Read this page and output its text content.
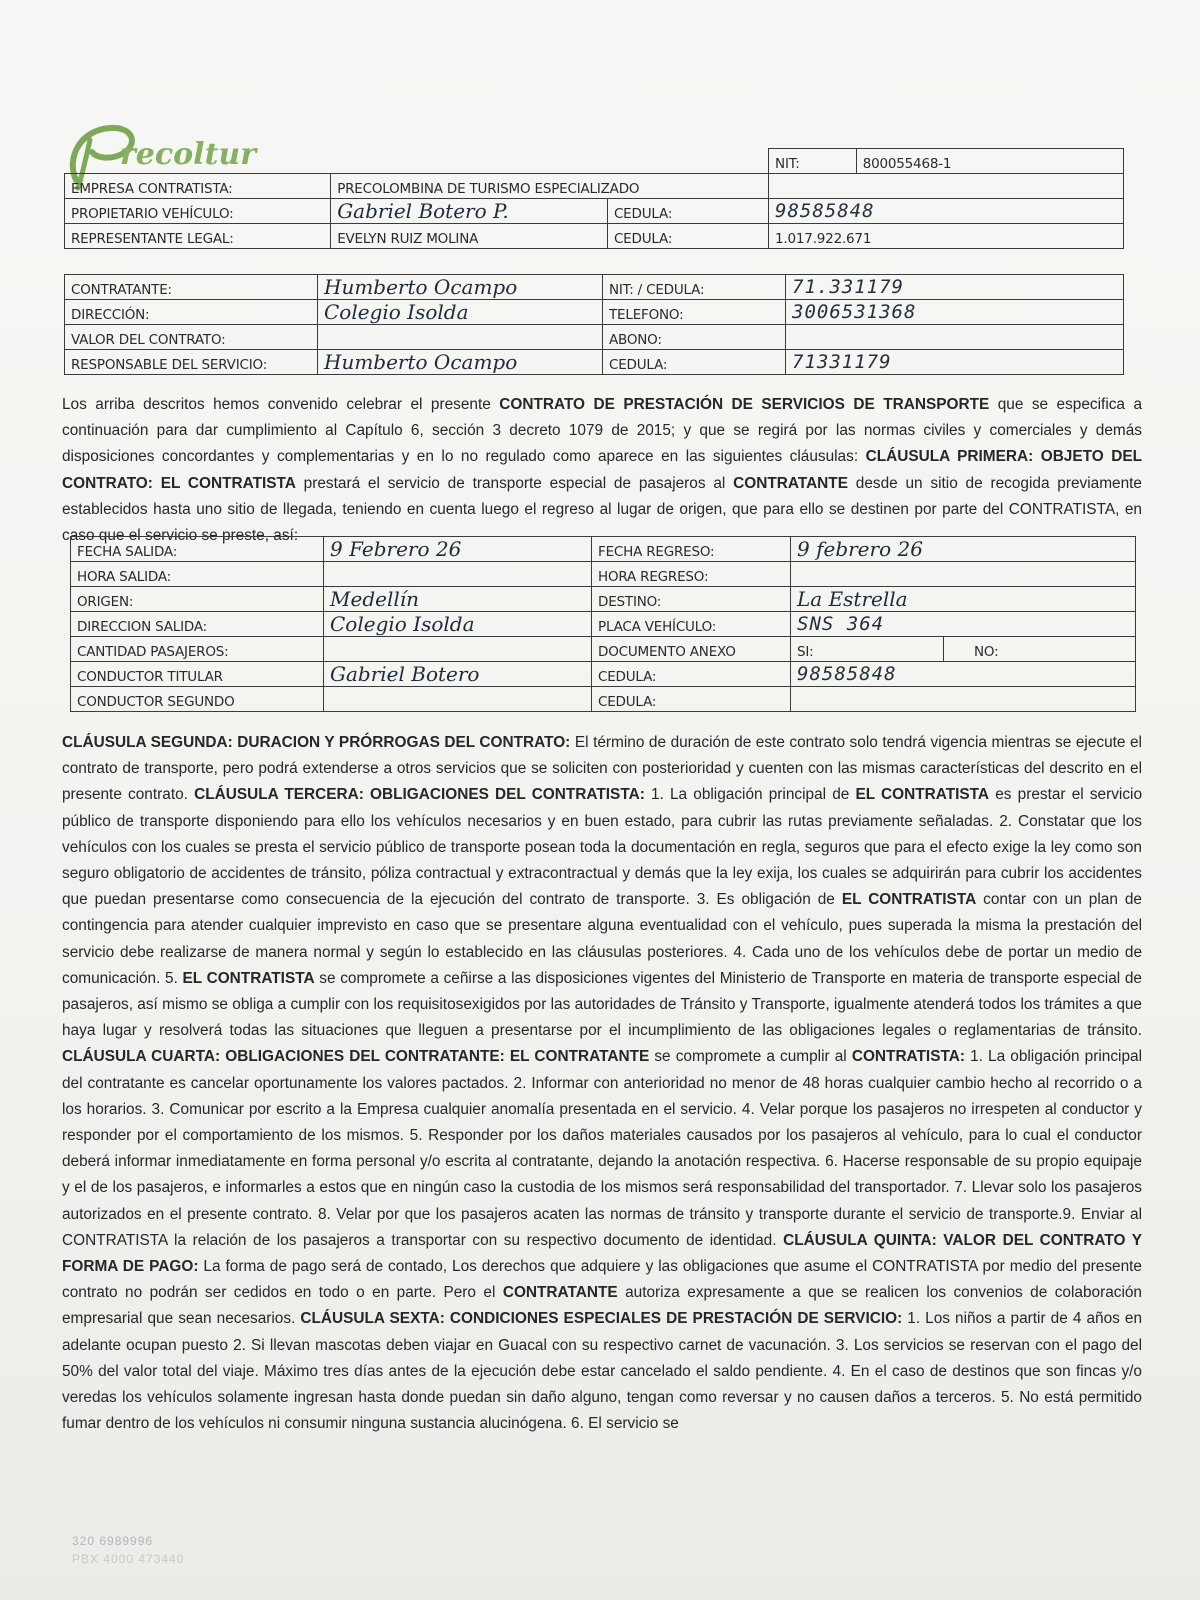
recoltur
				NIT:	800055468-1
EMPRESA CONTRATISTA:	PRECOLOMBINA DE TURISMO ESPECIALIZADO			
PROPIETARIO VEHÍCULO:	Gabriel Botero P.	CEDULA:	98585848	
REPRESENTANTE LEGAL:	EVELYN RUIZ MOLINA	CEDULA:	1.017.922.671	
CONTRATANTE:	Humberto Ocampo	NIT: / CEDULA:	71.331179
DIRECCIÓN:	Colegio Isolda	TELEFONO:	3006531368
VALOR DEL CONTRATO:		ABONO:	
RESPONSABLE DEL SERVICIO:	Humberto Ocampo	CEDULA:	71331179
Los arriba descritos hemos convenido celebrar el presente CONTRATO DE PRESTACIÓN DE SERVICIOS DE TRANSPORTE que se especifica a continuación para dar cumplimiento al Capítulo 6, sección 3 decreto 1079 de 2015; y que se regirá por las normas civiles y comerciales y demás disposiciones concordantes y complementarias y en lo no regulado como aparece en las siguientes cláusulas: CLÁUSULA PRIMERA: OBJETO DEL CONTRATO: EL CONTRATISTA prestará el servicio de transporte especial de pasajeros al CONTRATANTE desde un sitio de recogida previamente establecidos hasta uno sitio de llegada, teniendo en cuenta luego el regreso al lugar de origen, que para ello se destinen por parte del CONTRATISTA, en caso que el servicio se preste, así:
FECHA SALIDA:	9 Febrero 26	FECHA REGRESO:	9 febrero 26	
HORA SALIDA:		HORA REGRESO:		
ORIGEN:	Medellín	DESTINO:	La Estrella	
DIRECCION SALIDA:	Colegio Isolda	PLACA VEHÍCULO:	SNS 364	
CANTIDAD PASAJEROS:		DOCUMENTO ANEXO	SI:	NO:
CONDUCTOR TITULAR	Gabriel Botero	CEDULA:	98585848	
CONDUCTOR SEGUNDO		CEDULA:		
CLÁUSULA SEGUNDA: DURACION Y PRÓRROGAS DEL CONTRATO: El término de duración de este contrato solo tendrá vigencia mientras se ejecute el contrato de transporte, pero podrá extenderse a otros servicios que se soliciten con posterioridad y cuenten con las mismas características del descrito en el presente contrato. CLÁUSULA TERCERA: OBLIGACIONES DEL CONTRATISTA: 1. La obligación principal de EL CONTRATISTA es prestar el servicio público de transporte disponiendo para ello los vehículos necesarios y en buen estado, para cubrir las rutas previamente señaladas. 2. Constatar que los vehículos con los cuales se presta el servicio público de transporte posean toda la documentación en regla, seguros que para el efecto exige la ley como son seguro obligatorio de accidentes de tránsito, póliza contractual y extracontractual y demás que la ley exija, los cuales se adquirirán para cubrir los accidentes que puedan presentarse como consecuencia de la ejecución del contrato de transporte. 3. Es obligación de EL CONTRATISTA contar con un plan de contingencia para atender cualquier imprevisto en caso que se presentare alguna eventualidad con el vehículo, pues superada la misma la prestación del servicio debe realizarse de manera normal y según lo establecido en las cláusulas posteriores. 4. Cada uno de los vehículos debe de portar un medio de comunicación. 5. EL CONTRATISTA se compromete a ceñirse a las disposiciones vigentes del Ministerio de Transporte en materia de transporte especial de pasajeros, así mismo se obliga a cumplir con los requisitosexigidos por las autoridades de Tránsito y Transporte, igualmente atenderá todos los trámites a que haya lugar y resolverá todas las situaciones que lleguen a presentarse por el incumplimiento de las obligaciones legales o reglamentarias de tránsito. CLÁUSULA CUARTA: OBLIGACIONES DEL CONTRATANTE: EL CONTRATANTE se compromete a cumplir al CONTRATISTA: 1. La obligación principal del contratante es cancelar oportunamente los valores pactados. 2. Informar con anterioridad no menor de 48 horas cualquier cambio hecho al recorrido o a los horarios. 3. Comunicar por escrito a la Empresa cualquier anomalía presentada en el servicio. 4. Velar porque los pasajeros no irrespeten al conductor y responder por el comportamiento de los mismos. 5. Responder por los daños materiales causados por los pasajeros al vehículo, para lo cual el conductor deberá informar inmediatamente en forma personal y/o escrita al contratante, dejando la anotación respectiva. 6. Hacerse responsable de su propio equipaje y el de los pasajeros, e informarles a estos que en ningún caso la custodia de los mismos será responsabilidad del transportador. 7. Llevar solo los pasajeros autorizados en el presente contrato. 8. Velar por que los pasajeros acaten las normas de tránsito y transporte durante el servicio de transporte.9. Enviar al CONTRATISTA la relación de los pasajeros a transportar con su respectivo documento de identidad. CLÁUSULA QUINTA: VALOR DEL CONTRATO Y FORMA DE PAGO: La forma de pago será de contado, Los derechos que adquiere y las obligaciones que asume el CONTRATISTA por medio del presente contrato no podrán ser cedidos en todo o en parte. Pero el CONTRATANTE autoriza expresamente a que se realicen los convenios de colaboración empresarial que sean necesarios. CLÁUSULA SEXTA: CONDICIONES ESPECIALES DE PRESTACIÓN DE SERVICIO: 1. Los niños a partir de 4 años en adelante ocupan puesto 2. Si llevan mascotas deben viajar en Guacal con su respectivo carnet de vacunación. 3. Los servicios se reservan con el pago del 50% del valor total del viaje. Máximo tres días antes de la ejecución debe estar cancelado el saldo pendiente. 4. En el caso de destinos que son fincas y/o veredas los vehículos solamente ingresan hasta donde puedan sin daño alguno, tengan como reversar y no causen daños a terceros. 5. No está permitido fumar dentro de los vehículos ni consumir ninguna sustancia alucinógena. 6. El servicio se
320 6989996
PBX 4000 473440
